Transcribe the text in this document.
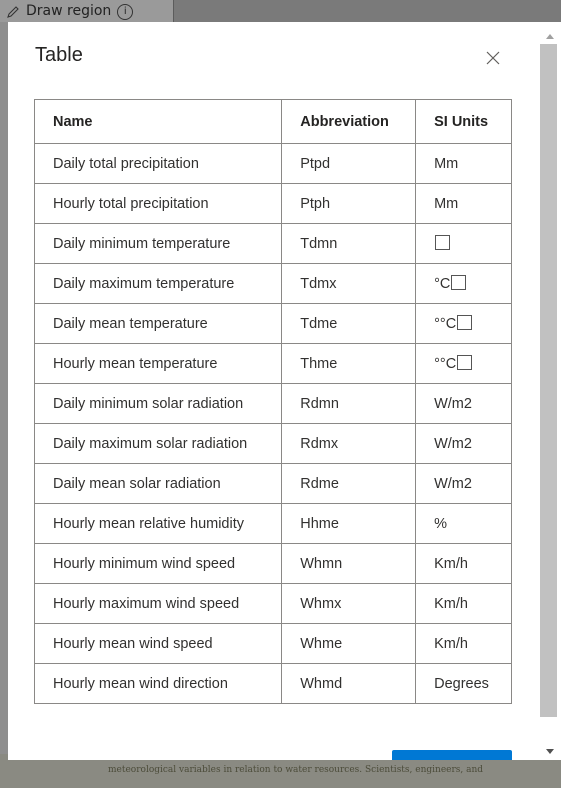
Draw region	i
meteorological variables in relation to water resources. Scientists, engineers, and
Table
Name	Abbreviation	SI Units
Daily total precipitation	Ptpd	Mm
Hourly total precipitation	Ptph	Mm
Daily minimum temperature	Tdmn	
Daily maximum temperature	Tdmx	°C
Daily mean temperature	Tdme	°°C
Hourly mean temperature	Thme	°°C
Daily minimum solar radiation	Rdmn	W/m2
Daily maximum solar radiation	Rdmx	W/m2
Daily mean solar radiation	Rdme	W/m2
Hourly mean relative humidity	Hhme	%
Hourly minimum wind speed	Whmn	Km/h
Hourly maximum wind speed	Whmx	Km/h
Hourly mean wind speed	Whme	Km/h
Hourly mean wind direction	Whmd	Degrees
